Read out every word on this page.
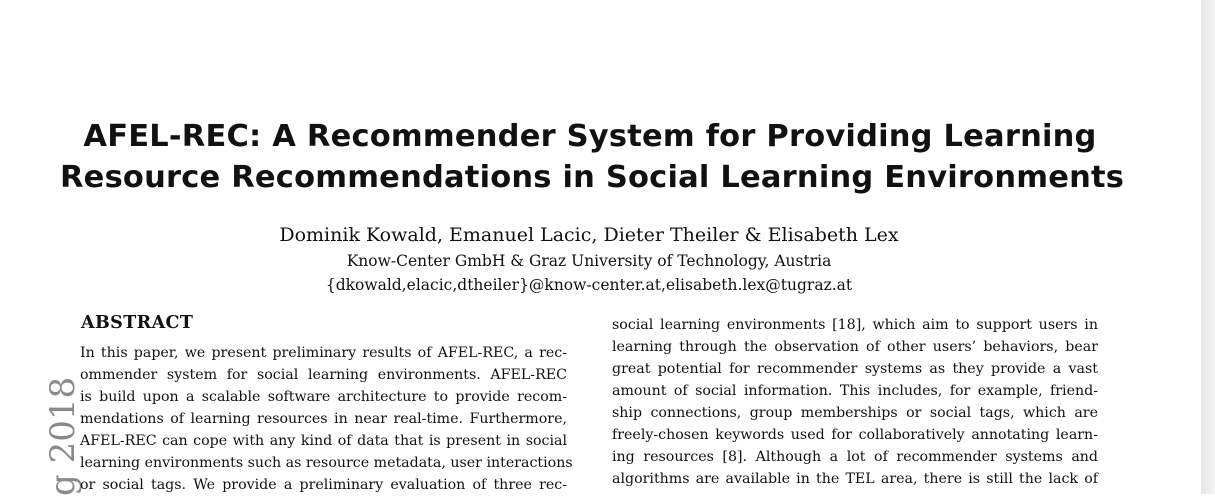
g 2018
AFEL-REC: A Recommender System for Providing Learning
Resource Recommendations in Social Learning Environments
Dominik Kowald, Emanuel Lacic, Dieter Theiler & Elisabeth Lex
Know-Center GmbH & Graz University of Technology, Austria
{dkowald,elacic,dtheiler}@know-center.at,elisabeth.lex@tugraz.at
ABSTRACT
In this paper, we present preliminary results of AFEL-REC, a rec-
ommender system for social learning environments. AFEL-REC
is build upon a scalable software architecture to provide recom-
mendations of learning resources in near real-time. Furthermore,
AFEL-REC can cope with any kind of data that is present in social
learning environments such as resource metadata, user interactions
or social tags. We provide a preliminary evaluation of three rec-
social learning environments [18], which aim to support users in
learning through the observation of other users’ behaviors, bear
great potential for recommender systems as they provide a vast
amount of social information. This includes, for example, friend-
ship connections, group memberships or social tags, which are
freely-chosen keywords used for collaboratively annotating learn-
ing resources [8]. Although a lot of recommender systems and
algorithms are available in the TEL area, there is still the lack of
